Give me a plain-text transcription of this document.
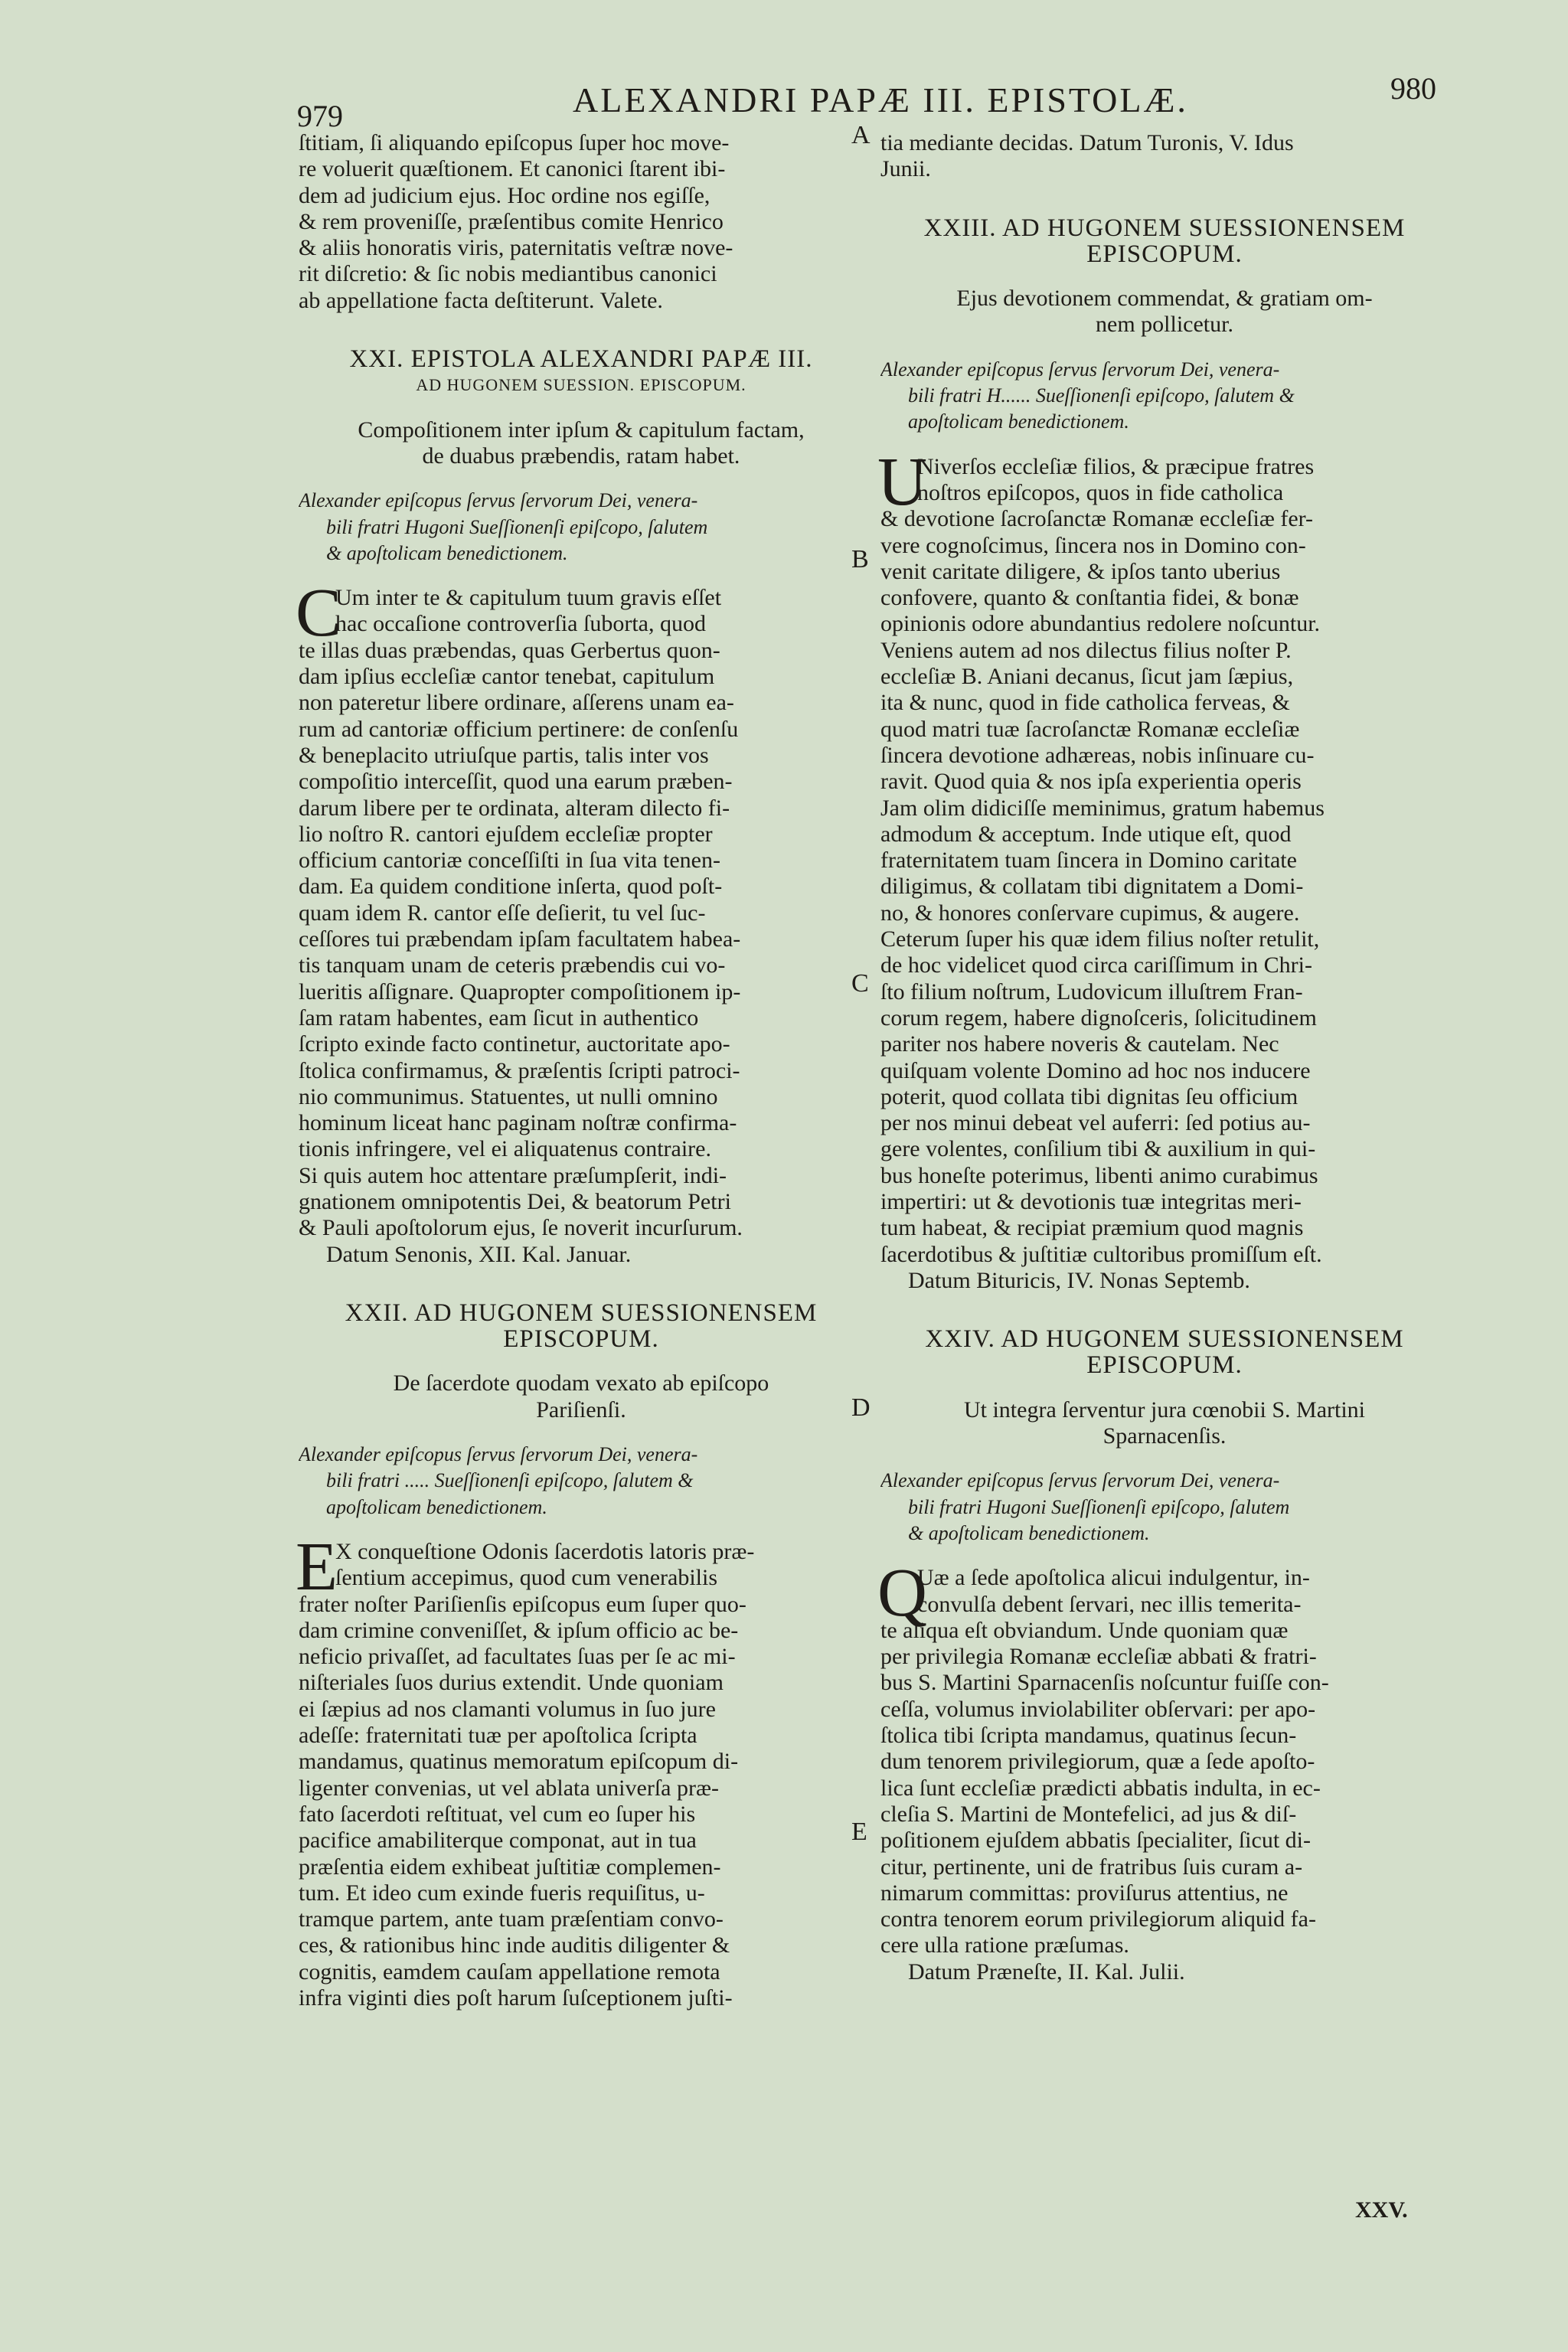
979	ALEXANDRI PAPÆ III. EPISTOLÆ.	980
A
B
C
D
E
ſtitiam, ſi aliquando epiſcopus ſuper hoc move-
re voluerit quæſtionem. Et canonici ſtarent ibi-
dem ad judicium ejus. Hoc ordine nos egiſſe,
& rem proveniſſe, præſentibus comite Henrico
& aliis honoratis viris, paternitatis veſtræ nove-
rit diſcretio: & ſic nobis mediantibus canonici
ab appellatione facta deſtiterunt. Valete.
XXI. EPISTOLA ALEXANDRI PAPÆ III.
AD HUGONEM SUESSION. EPISCOPUM.
Compoſitionem inter ipſum & capitulum factam,
de duabus præbendis, ratam habet.
Alexander epiſcopus ſervus ſervorum Dei, venera-
bili fratri Hugoni Sueſſionenſi epiſcopo, ſalutem
& apoſtolicam benedictionem.
C
Um inter te & capitulum tuum gravis eſſet
hac occaſione controverſia ſuborta, quod
te illas duas præbendas, quas Gerbertus quon-
dam ipſius eccleſiæ cantor tenebat, capitulum
non pateretur libere ordinare, aſſerens unam ea-
rum ad cantoriæ officium pertinere: de conſenſu
& beneplacito utriuſque partis, talis inter vos
compoſitio interceſſit, quod una earum præben-
darum libere per te ordinata, alteram dilecto fi-
lio noſtro R. cantori ejuſdem eccleſiæ propter
officium cantoriæ conceſſiſti in ſua vita tenen-
dam. Ea quidem conditione inſerta, quod poſt-
quam idem R. cantor eſſe deſierit, tu vel ſuc-
ceſſores tui præbendam ipſam facultatem habea-
tis tanquam unam de ceteris præbendis cui vo-
lueritis aſſignare. Quapropter compoſitionem ip-
ſam ratam habentes, eam ſicut in authentico
ſcripto exinde facto continetur, auctoritate apo-
ſtolica confirmamus, & præſentis ſcripti patroci-
nio communimus. Statuentes, ut nulli omnino
hominum liceat hanc paginam noſtræ confirma-
tionis infringere, vel ei aliquatenus contraire.
Si quis autem hoc attentare præſumpſerit, indi-
gnationem omnipotentis Dei, & beatorum Petri
& Pauli apoſtolorum ejus, ſe noverit incurſurum.
Datum Senonis, XII. Kal. Januar.
XXII. AD HUGONEM SUESSIONENSEM
EPISCOPUM.
De ſacerdote quodam vexato ab epiſcopo
Pariſienſi.
Alexander epiſcopus ſervus ſervorum Dei, venera-
bili fratri ..... Sueſſionenſi epiſcopo, ſalutem &
apoſtolicam benedictionem.
E
X conqueſtione Odonis ſacerdotis latoris præ-
ſentium accepimus, quod cum venerabilis
frater noſter Pariſienſis epiſcopus eum ſuper quo-
dam crimine conveniſſet, & ipſum officio ac be-
neficio privaſſet, ad facultates ſuas per ſe ac mi-
niſteriales ſuos durius extendit. Unde quoniam
ei ſæpius ad nos clamanti volumus in ſuo jure
adeſſe: fraternitati tuæ per apoſtolica ſcripta
mandamus, quatinus memoratum epiſcopum di-
ligenter convenias, ut vel ablata univerſa præ-
fato ſacerdoti reſtituat, vel cum eo ſuper his
pacifice amabiliterque componat, aut in tua
præſentia eidem exhibeat juſtitiæ complemen-
tum. Et ideo cum exinde fueris requiſitus, u-
tramque partem, ante tuam præſentiam convo-
ces, & rationibus hinc inde auditis diligenter &
cognitis, eamdem cauſam appellatione remota
infra viginti dies poſt harum ſuſceptionem juſti-
tia mediante decidas. Datum Turonis, V. Idus
Junii.
XXIII. AD HUGONEM SUESSIONENSEM
EPISCOPUM.
Ejus devotionem commendat, & gratiam om-
nem pollicetur.
Alexander epiſcopus ſervus ſervorum Dei, venera-
bili fratri H...... Sueſſionenſi epiſcopo, ſalutem &
apoſtolicam benedictionem.
U
Niverſos eccleſiæ filios, & præcipue fratres
noſtros epiſcopos, quos in fide catholica
& devotione ſacroſanctæ Romanæ eccleſiæ fer-
vere cognoſcimus, ſincera nos in Domino con-
venit caritate diligere, & ipſos tanto uberius
confovere, quanto & conſtantia fidei, & bonæ
opinionis odore abundantius redolere noſcuntur.
Veniens autem ad nos dilectus filius noſter P.
eccleſiæ B. Aniani decanus, ſicut jam ſæpius,
ita & nunc, quod in fide catholica ferveas, &
quod matri tuæ ſacroſanctæ Romanæ eccleſiæ
ſincera devotione adhæreas, nobis inſinuare cu-
ravit. Quod quia & nos ipſa experientia operis
Jam olim didiciſſe meminimus, gratum habemus
admodum & acceptum. Inde utique eſt, quod
fraternitatem tuam ſincera in Domino caritate
diligimus, & collatam tibi dignitatem a Domi-
no, & honores conſervare cupimus, & augere.
Ceterum ſuper his quæ idem filius noſter retulit,
de hoc videlicet quod circa cariſſimum in Chri-
ſto filium noſtrum, Ludovicum illuſtrem Fran-
corum regem, habere dignoſceris, ſolicitudinem
pariter nos habere noveris & cautelam. Nec
quiſquam volente Domino ad hoc nos inducere
poterit, quod collata tibi dignitas ſeu officium
per nos minui debeat vel auferri: ſed potius au-
gere volentes, conſilium tibi & auxilium in qui-
bus honeſte poterimus, libenti animo curabimus
impertiri: ut & devotionis tuæ integritas meri-
tum habeat, & recipiat præmium quod magnis
ſacerdotibus & juſtitiæ cultoribus promiſſum eſt.
Datum Bituricis, IV. Nonas Septemb.
XXIV. AD HUGONEM SUESSIONENSEM
EPISCOPUM.
Ut integra ſerventur jura cœnobii S. Martini
Sparnacenſis.
Alexander epiſcopus ſervus ſervorum Dei, venera-
bili fratri Hugoni Sueſſionenſi epiſcopo, ſalutem
& apoſtolicam benedictionem.
Q
Uæ a ſede apoſtolica alicui indulgentur, in-
convulſa debent ſervari, nec illis temerita-
te aliqua eſt obviandum. Unde quoniam quæ
per privilegia Romanæ eccleſiæ abbati & fratri-
bus S. Martini Sparnacenſis noſcuntur fuiſſe con-
ceſſa, volumus inviolabiliter obſervari: per apo-
ſtolica tibi ſcripta mandamus, quatinus ſecun-
dum tenorem privilegiorum, quæ a ſede apoſto-
lica ſunt eccleſiæ prædicti abbatis indulta, in ec-
cleſia S. Martini de Montefelici, ad jus & diſ-
poſitionem ejuſdem abbatis ſpecialiter, ſicut di-
citur, pertinente, uni de fratribus ſuis curam a-
nimarum committas: proviſurus attentius, ne
contra tenorem eorum privilegiorum aliquid fa-
cere ulla ratione præſumas.
Datum Præneſte, II. Kal. Julii.
XXV.
